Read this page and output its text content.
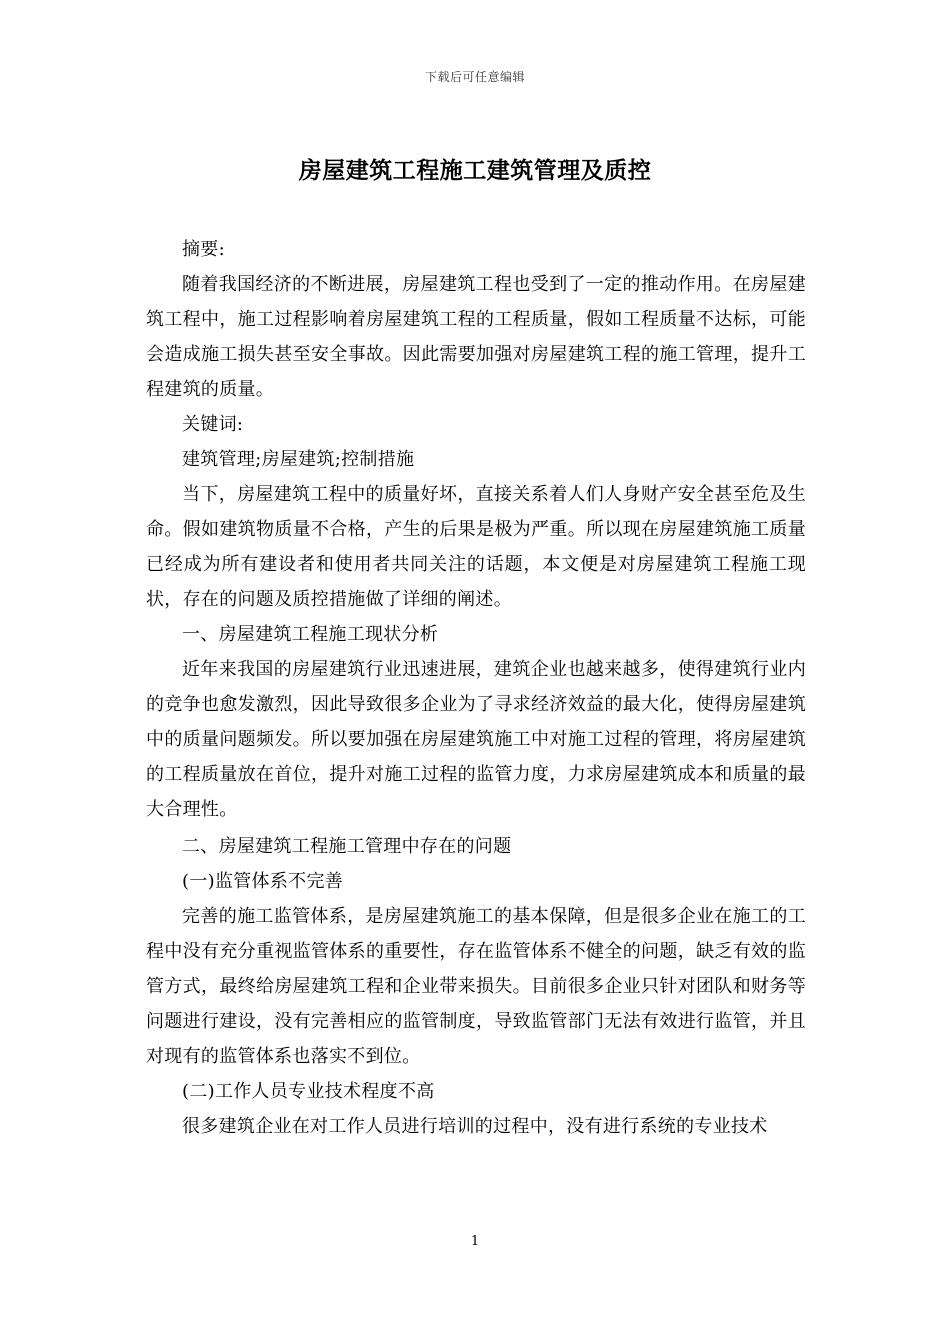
下载后可任意编辑
房屋建筑工程施工建筑管理及质控

摘要:

随着我国经济的不断进展，房屋建筑工程也受到了一定的推动作用。在房屋建筑工程中，施工过程影响着房屋建筑工程的工程质量，假如工程质量不达标，可能会造成施工损失甚至安全事故。因此需要加强对房屋建筑工程的施工管理，提升工程建筑的质量。

关键词:

建筑管理;房屋建筑;控制措施

当下，房屋建筑工程中的质量好坏，直接关系着人们人身财产安全甚至危及生命。假如建筑物质量不合格，产生的后果是极为严重。所以现在房屋建筑施工质量已经成为所有建设者和使用者共同关注的话题，本文便是对房屋建筑工程施工现状，存在的问题及质控措施做了详细的阐述。

一、房屋建筑工程施工现状分析

近年来我国的房屋建筑行业迅速进展，建筑企业也越来越多，使得建筑行业内的竞争也愈发激烈，因此导致很多企业为了寻求经济效益的最大化，使得房屋建筑中的质量问题频发。所以要加强在房屋建筑施工中对施工过程的管理，将房屋建筑的工程质量放在首位，提升对施工过程的监管力度，力求房屋建筑成本和质量的最大合理性。

二、房屋建筑工程施工管理中存在的问题

(一)监管体系不完善

完善的施工监管体系，是房屋建筑施工的基本保障，但是很多企业在施工的工程中没有充分重视监管体系的重要性，存在监管体系不健全的问题，缺乏有效的监管方式，最终给房屋建筑工程和企业带来损失。目前很多企业只针对团队和财务等问题进行建设，没有完善相应的监管制度，导致监管部门无法有效进行监管，并且对现有的监管体系也落实不到位。

(二)工作人员专业技术程度不高

很多建筑企业在对工作人员进行培训的过程中，没有进行系统的专业技术

1
